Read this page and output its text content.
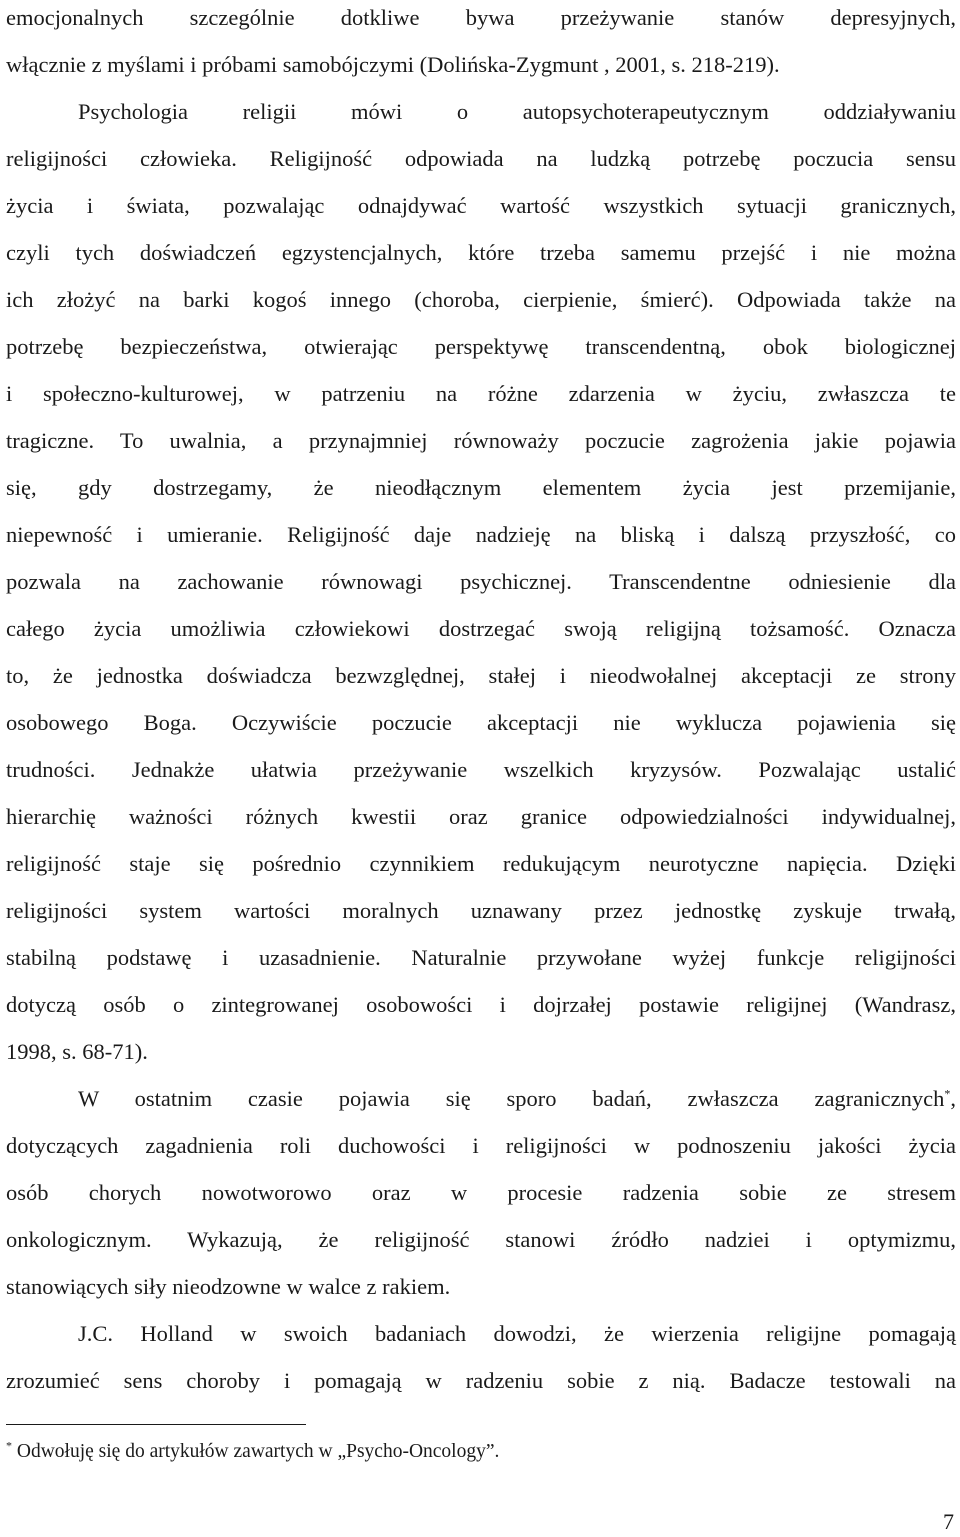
emocjonalnych szczególnie dotkliwe bywa przeżywanie stanów depresyjnych,
włącznie z myślami i próbami samobójczymi (Dolińska-Zygmunt , 2001, s. 218-219).
Psychologia religii mówi o autopsychoterapeutycznym oddziaływaniu
religijności człowieka. Religijność odpowiada na ludzką potrzebę poczucia sensu
życia i świata, pozwalając odnajdywać wartość wszystkich sytuacji granicznych,
czyli tych doświadczeń egzystencjalnych, które trzeba samemu przejść i nie można
ich złożyć na barki kogoś innego (choroba, cierpienie, śmierć). Odpowiada także na
potrzebę bezpieczeństwa, otwierając perspektywę transcendentną, obok biologicznej
i społeczno-kulturowej, w patrzeniu na różne zdarzenia w życiu, zwłaszcza te
tragiczne. To uwalnia, a przynajmniej równoważy poczucie zagrożenia jakie pojawia
się, gdy dostrzegamy, że nieodłącznym elementem życia jest przemijanie,
niepewność i umieranie. Religijność daje nadzieję na bliską i dalszą przyszłość, co
pozwala na zachowanie równowagi psychicznej. Transcendentne odniesienie dla
całego życia umożliwia człowiekowi dostrzegać swoją religijną tożsamość. Oznacza
to, że jednostka doświadcza bezwzględnej, stałej i nieodwołalnej akceptacji ze strony
osobowego Boga. Oczywiście poczucie akceptacji nie wyklucza pojawienia się
trudności. Jednakże ułatwia przeżywanie wszelkich kryzysów. Pozwalając ustalić
hierarchię ważności różnych kwestii oraz granice odpowiedzialności indywidualnej,
religijność staje się pośrednio czynnikiem redukującym neurotyczne napięcia. Dzięki
religijności system wartości moralnych uznawany przez jednostkę zyskuje trwałą,
stabilną podstawę i uzasadnienie. Naturalnie przywołane wyżej funkcje religijności
dotyczą osób o zintegrowanej osobowości i dojrzałej postawie religijnej (Wandrasz,
1998, s. 68-71).
W ostatnim czasie pojawia się sporo badań, zwłaszcza zagranicznych*,
dotyczących zagadnienia roli duchowości i religijności w podnoszeniu jakości życia
osób chorych nowotworowo oraz w procesie radzenia sobie ze stresem
onkologicznym. Wykazują, że religijność stanowi źródło nadziei i optymizmu,
stanowiących siły nieodzowne w walce z rakiem.
J.C. Holland w swoich badaniach dowodzi, że wierzenia religijne pomagają
zrozumieć sens choroby i pomagają w radzeniu sobie z nią. Badacze testowali na
* Odwołuję się do artykułów zawartych w „Psycho-Oncology”.
7
